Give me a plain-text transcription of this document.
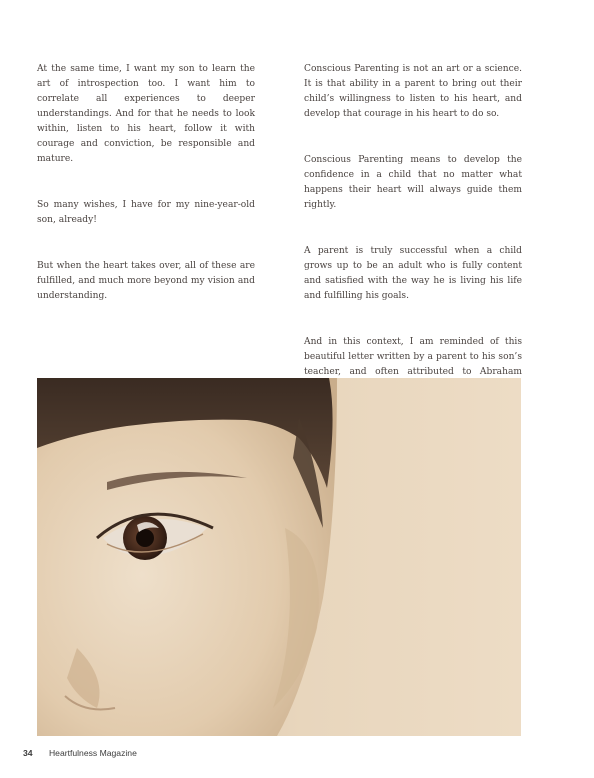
At the same time, I want my son to learn the art of introspection too. I want him to correlate all experiences to deeper understandings. And for that he needs to look within, listen to his heart, follow it with courage and conviction, be responsible and mature.

So many wishes, I have for my nine-year-old son, already!

But when the heart takes over, all of these are fulfilled, and much more beyond my vision and understanding.

Conscious Parenting is not an art or a science. It is that ability in a parent to bring out their child’s willingness to listen to his heart, and develop that courage in his heart to do so.

Conscious Parenting means to develop the confidence in a child that no matter what happens their heart will always guide them rightly.

A parent is truly successful when a child grows up to be an adult who is fully content and satisfied with the way he is living his life and fulfilling his goals.

And in this context, I am reminded of this beautiful letter written by a parent to his son’s teacher, and often attributed to Abraham

34 Heartfulness Magazine
